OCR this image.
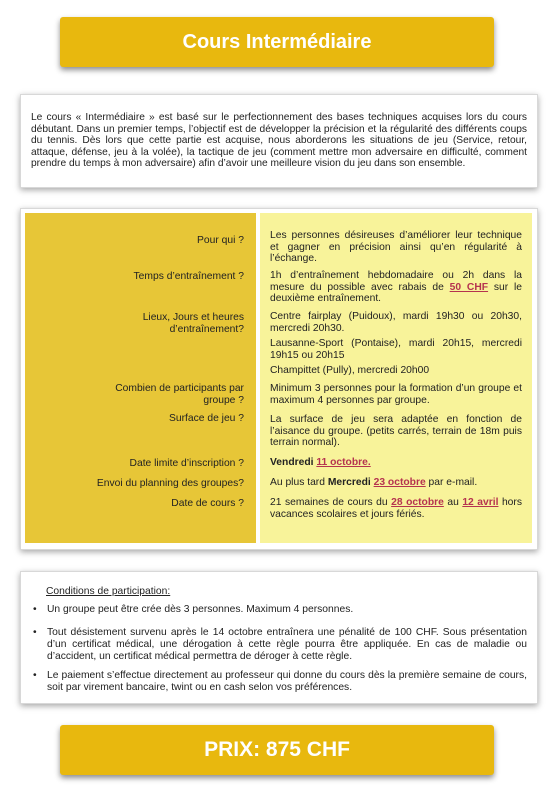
Cours Intermédiaire

Le cours « Intermédiaire » est basé sur le perfectionnement des bases techniques acquises lors du cours débutant. Dans un premier temps, l’objectif est de développer la précision et la régularité des différents coups du tennis. Dès lors que cette partie est acquise, nous aborderons les situations de jeu (Service, retour, attaque, défense, jeu à la volée), la tactique de jeu (comment mettre mon adversaire en difficulté, comment prendre du temps à mon adversaire) afin d’avoir une meilleure vision du jeu dans son ensemble.

Pour qui ?
Temps d’entraînement ?
Lieux, Jours et heures
d’entraînement?
Combien de participants par
groupe ?
Surface de jeu ?
Date limite d’inscription ?
Envoi du planning des groupes?
Date de cours ?
Les personnes désireuses d’améliorer leur technique et gagner en précision ainsi qu’en régularité à l’échange.
1h d’entraînement hebdomadaire ou 2h dans la mesure du possible avec rabais de 50 CHF sur le deuxième entraînement.
Centre fairplay (Puidoux), mardi 19h30 ou 20h30, mercredi 20h30.
Lausanne-Sport (Pontaise), mardi 20h15, mercredi 19h15 ou 20h15
Champittet (Pully), mercredi 20h00
Minimum 3 personnes pour la formation d’un groupe et maximum 4 personnes par groupe.
La surface de jeu sera adaptée en fonction de l’aisance du groupe. (petits carrés, terrain de 18m puis terrain normal).
Vendredi 11 octobre.
Au plus tard Mercredi 23 octobre par e-mail.
21 semaines de cours du 28 octobre au 12 avril hors vacances scolaires et jours fériés.
Conditions de participation:
• Un groupe peut être crée dès 3 personnes. Maximum 4 personnes.
• Tout désistement survenu après le 14 octobre entraînera une pénalité de 100 CHF. Sous présentation d’un certificat médical, une dérogation à cette règle pourra être appliquée. En cas de maladie ou d’accident, un certificat médical permettra de déroger à cette règle.
• Le paiement s’effectue directement au professeur qui donne du cours dès la première semaine de cours, soit par virement bancaire, twint ou en cash selon vos préférences.
PRIX: 875 CHF
